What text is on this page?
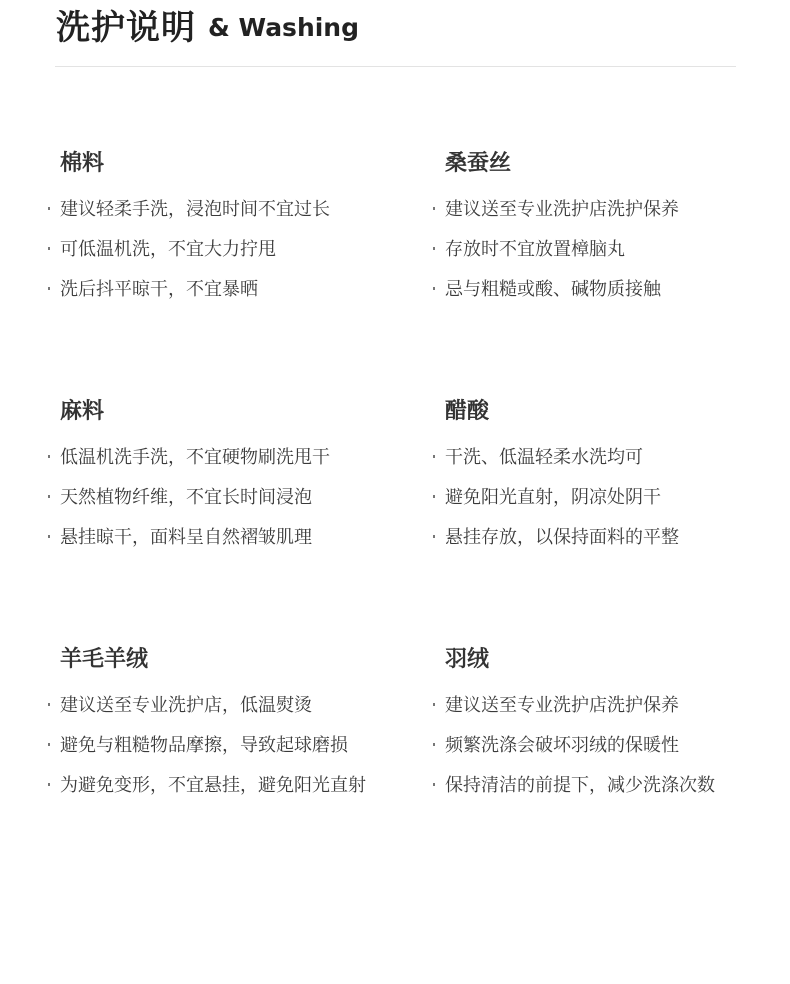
洗护说明 & Washing
棉料
建议轻柔手洗，浸泡时间不宜过长
可低温机洗，不宜大力拧甩
洗后抖平晾干，不宜暴晒
桑蚕丝
建议送至专业洗护店洗护保养
存放时不宜放置樟脑丸
忌与粗糙或酸、碱物质接触
麻料
低温机洗手洗，不宜硬物刷洗甩干
天然植物纤维，不宜长时间浸泡
悬挂晾干，面料呈自然褶皱肌理
醋酸
干洗、低温轻柔水洗均可
避免阳光直射，阴凉处阴干
悬挂存放，以保持面料的平整
羊毛羊绒
建议送至专业洗护店，低温熨烫
避免与粗糙物品摩擦，导致起球磨损
为避免变形，不宜悬挂，避免阳光直射
羽绒
建议送至专业洗护店洗护保养
频繁洗涤会破坏羽绒的保暖性
保持清洁的前提下，减少洗涤次数
